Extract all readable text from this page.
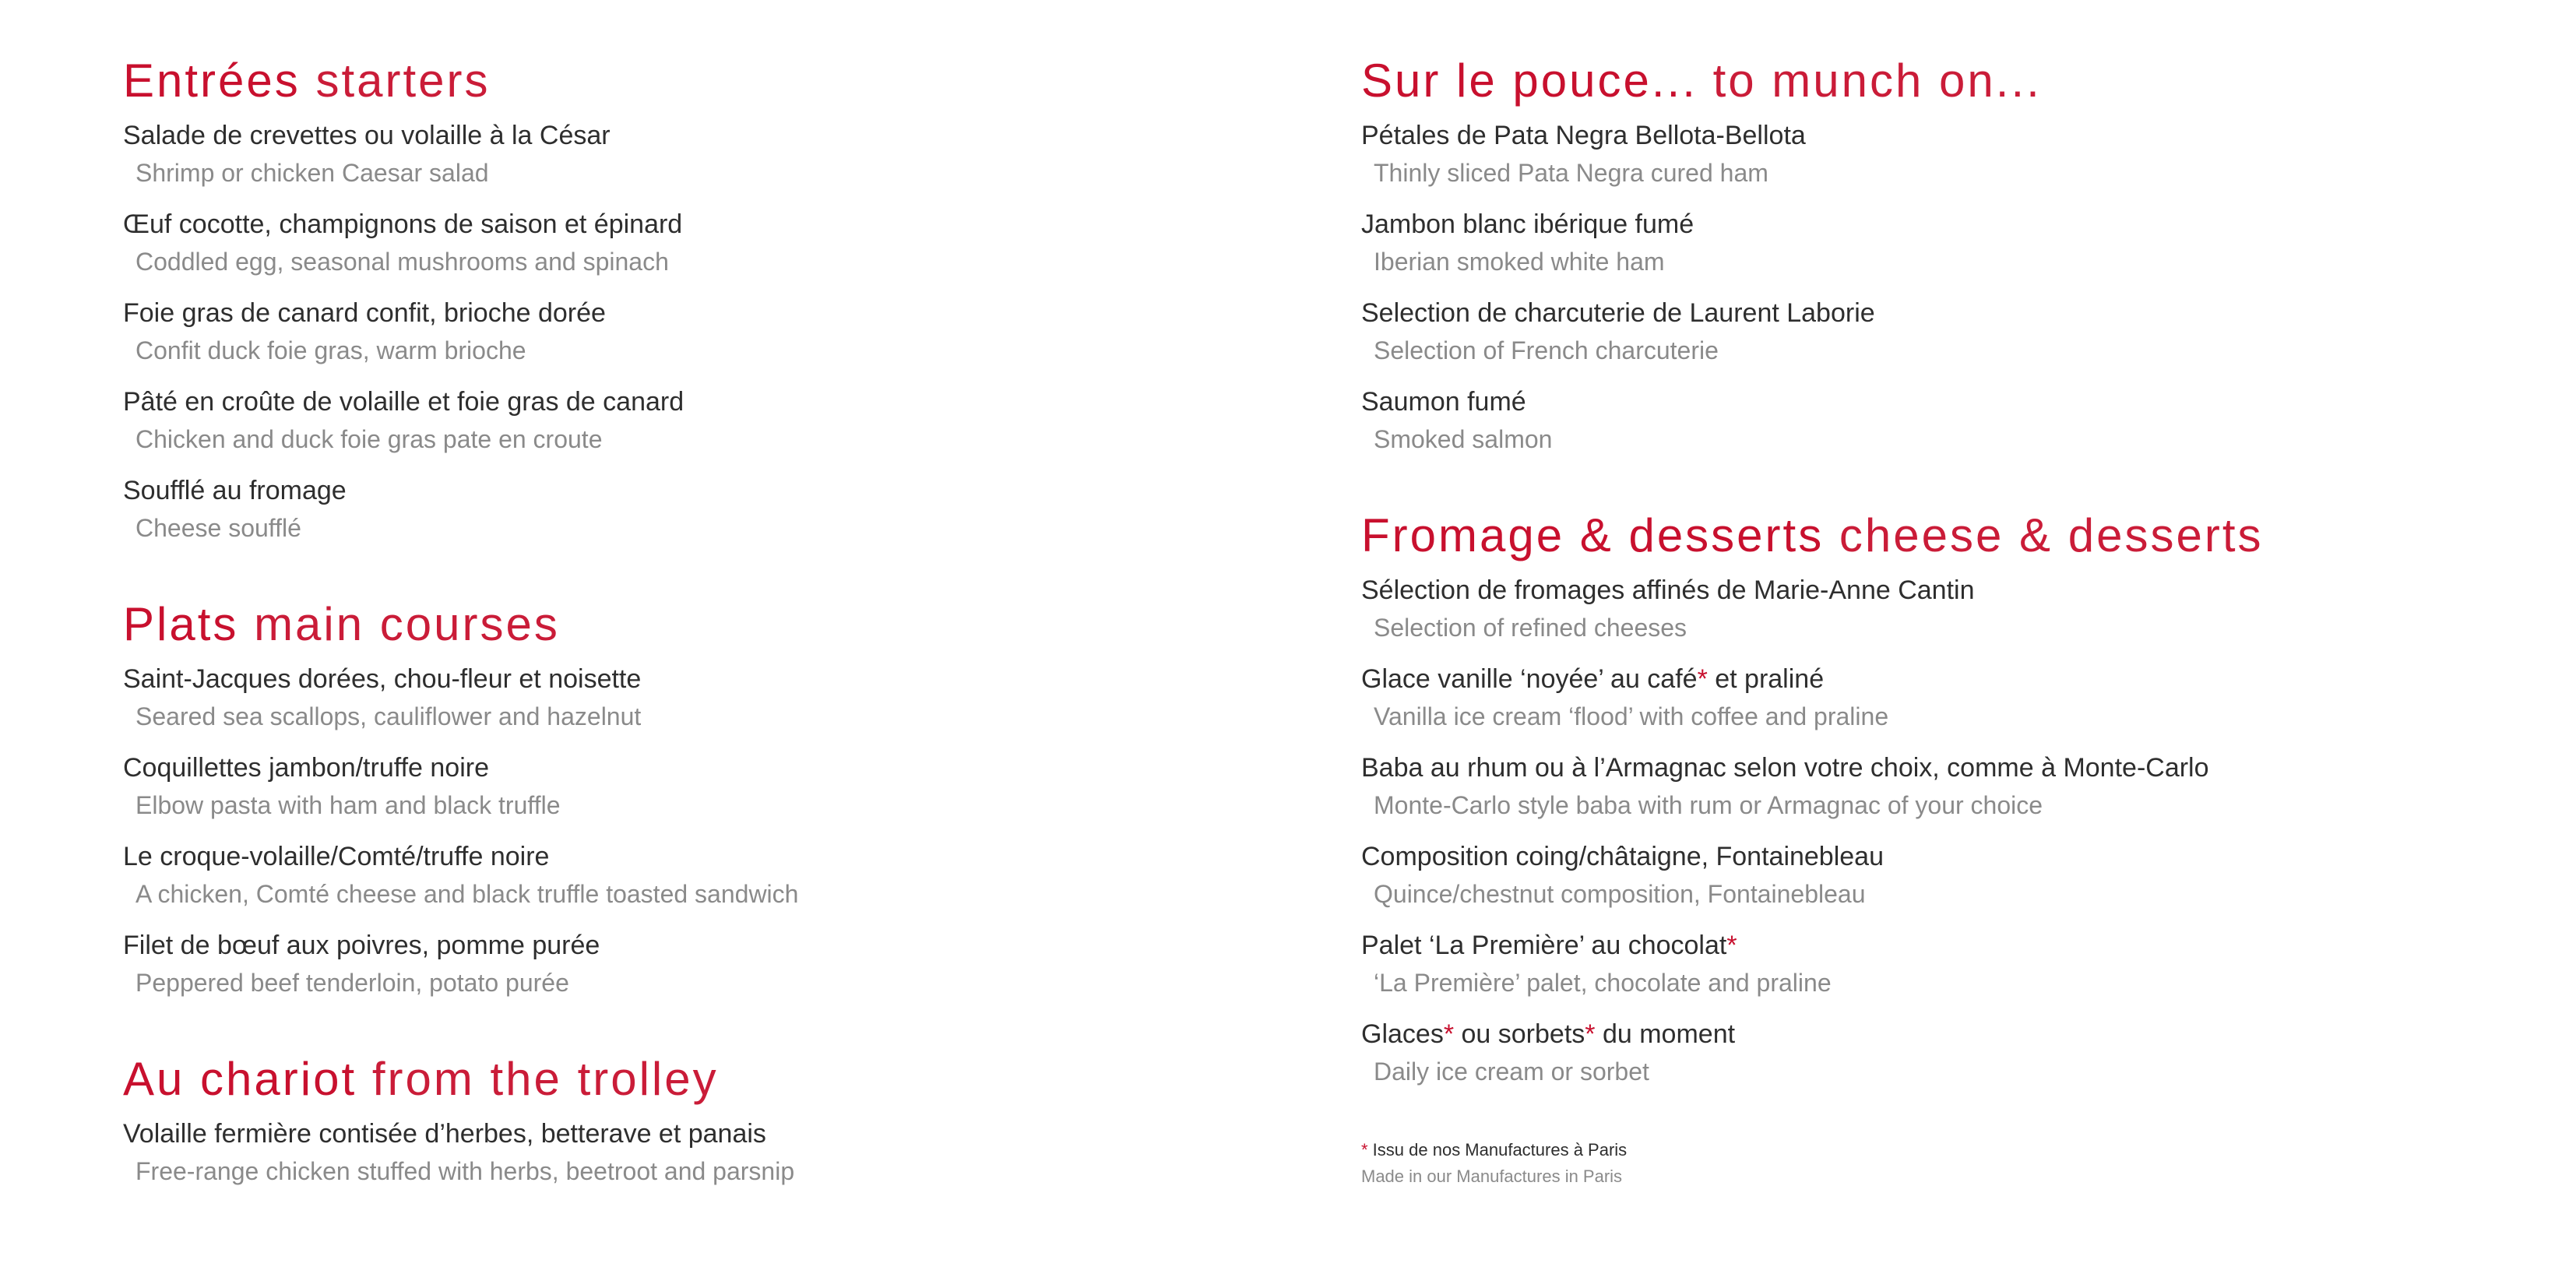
Entrées starters
Salade de crevettes ou volaille à la César
Shrimp or chicken Caesar salad
Œuf cocotte, champignons de saison et épinard
Coddled egg, seasonal mushrooms and spinach
Foie gras de canard confit, brioche dorée
Confit duck foie gras, warm brioche
Pâté en croûte de volaille et foie gras de canard
Chicken and duck foie gras pate en croute
Soufflé au fromage
Cheese soufflé
Plats main courses
Saint-Jacques dorées, chou-fleur et noisette
Seared sea scallops, cauliflower and hazelnut
Coquillettes jambon/truffe noire
Elbow pasta with ham and black truffle
Le croque-volaille/Comté/truffe noire
A chicken, Comté cheese and black truffle toasted sandwich
Filet de bœuf aux poivres, pomme purée
Peppered beef tenderloin, potato purée
Au chariot from the trolley
Volaille fermière contisée d’herbes, betterave et panais
Free-range chicken stuffed with herbs, beetroot and parsnip
Sur le pouce... to munch on...
Pétales de Pata Negra Bellota-Bellota
Thinly sliced Pata Negra cured ham
Jambon blanc ibérique fumé
Iberian smoked white ham
Selection de charcuterie de Laurent Laborie
Selection of French charcuterie
Saumon fumé
Smoked salmon
Fromage & desserts cheese & desserts
Sélection de fromages affinés de Marie-Anne Cantin
Selection of refined cheeses
Glace vanille ‘noyée’ au café* et praliné
Vanilla ice cream ‘flood’ with coffee and praline
Baba au rhum ou à l’Armagnac selon votre choix, comme à Monte-Carlo
Monte-Carlo style baba with rum or Armagnac of your choice
Composition coing/châtaigne, Fontainebleau
Quince/chestnut composition, Fontainebleau
Palet ‘La Première’ au chocolat*
‘La Première’ palet, chocolate and praline
Glaces* ou sorbets* du moment
Daily ice cream or sorbet
* Issu de nos Manufactures à Paris
Made in our Manufactures in Paris
